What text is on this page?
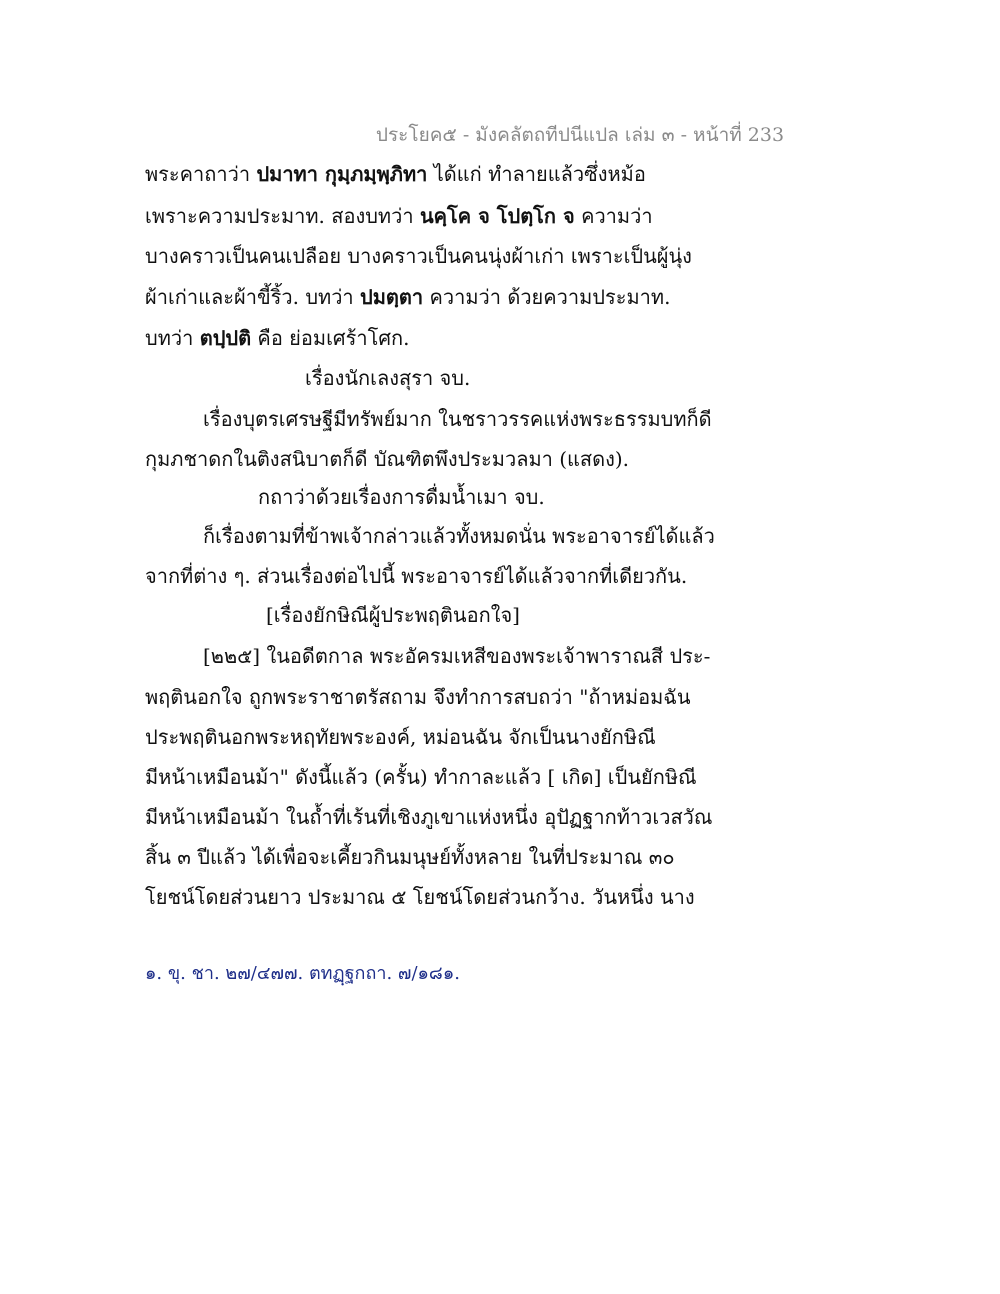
ประโยค๕ - มังคลัตถทีปนีแปล เล่ม ๓ - หน้าที่ 233
พระคาถาว่า ปมาทา กุมฺภมฺพฺภิทา ได้แก่ ทำลายแล้วซึ่งหม้อ
เพราะความประมาท. สองบทว่า นคฺโค จ โปตฺโก จ ความว่า
บางคราวเป็นคนเปลือย บางคราวเป็นคนนุ่งผ้าเก่า เพราะเป็นผู้นุ่ง
ผ้าเก่าและผ้าขี้ริ้ว. บทว่า ปมตฺตา ความว่า ด้วยความประมาท.
บทว่า ตปฺปติ คือ ย่อมเศร้าโศก.
เรื่องนักเลงสุรา จบ.
เรื่องบุตรเศรษฐีมีทรัพย์มาก ในชราวรรคแห่งพระธรรมบทก็ดี
กุมภชาดกในติงสนิบาตก็ดี บัณฑิตพึงประมวลมา (แสดง).
กถาว่าด้วยเรื่องการดื่มน้ำเมา จบ.
ก็เรื่องตามที่ข้าพเจ้ากล่าวแล้วทั้งหมดนั่น พระอาจารย์ได้แล้ว
จากที่ต่าง ๆ. ส่วนเรื่องต่อไปนี้ พระอาจารย์ได้แล้วจากที่เดียวกัน.
[เรื่องยักษิณีผู้ประพฤตินอกใจ]
[๒๒๕] ในอดีตกาล พระอัครมเหสีของพระเจ้าพาราณสี ประ-
พฤตินอกใจ ถูกพระราชาตรัสถาม จึงทำการสบถว่า "ถ้าหม่อมฉัน
ประพฤตินอกพระหฤทัยพระองค์, หม่อนฉัน จักเป็นนางยักษิณี
มีหน้าเหมือนม้า" ดังนี้แล้ว (ครั้น) ทำกาละแล้ว [ เกิด] เป็นยักษิณี
มีหน้าเหมือนม้า ในถ้ำที่เร้นที่เชิงภูเขาแห่งหนึ่ง อุปัฏฐากท้าวเวสวัณ
สิ้น ๓ ปีแล้ว ได้เพื่อจะเคี้ยวกินมนุษย์ทั้งหลาย ในที่ประมาณ ๓๐
โยชน์โดยส่วนยาว ประมาณ ๕ โยชน์โดยส่วนกว้าง. วันหนึ่ง นาง
๑. ขุ. ชา. ๒๗/๔๗๗. ตทฏฺฐกถา. ๗/๑๘๑.
